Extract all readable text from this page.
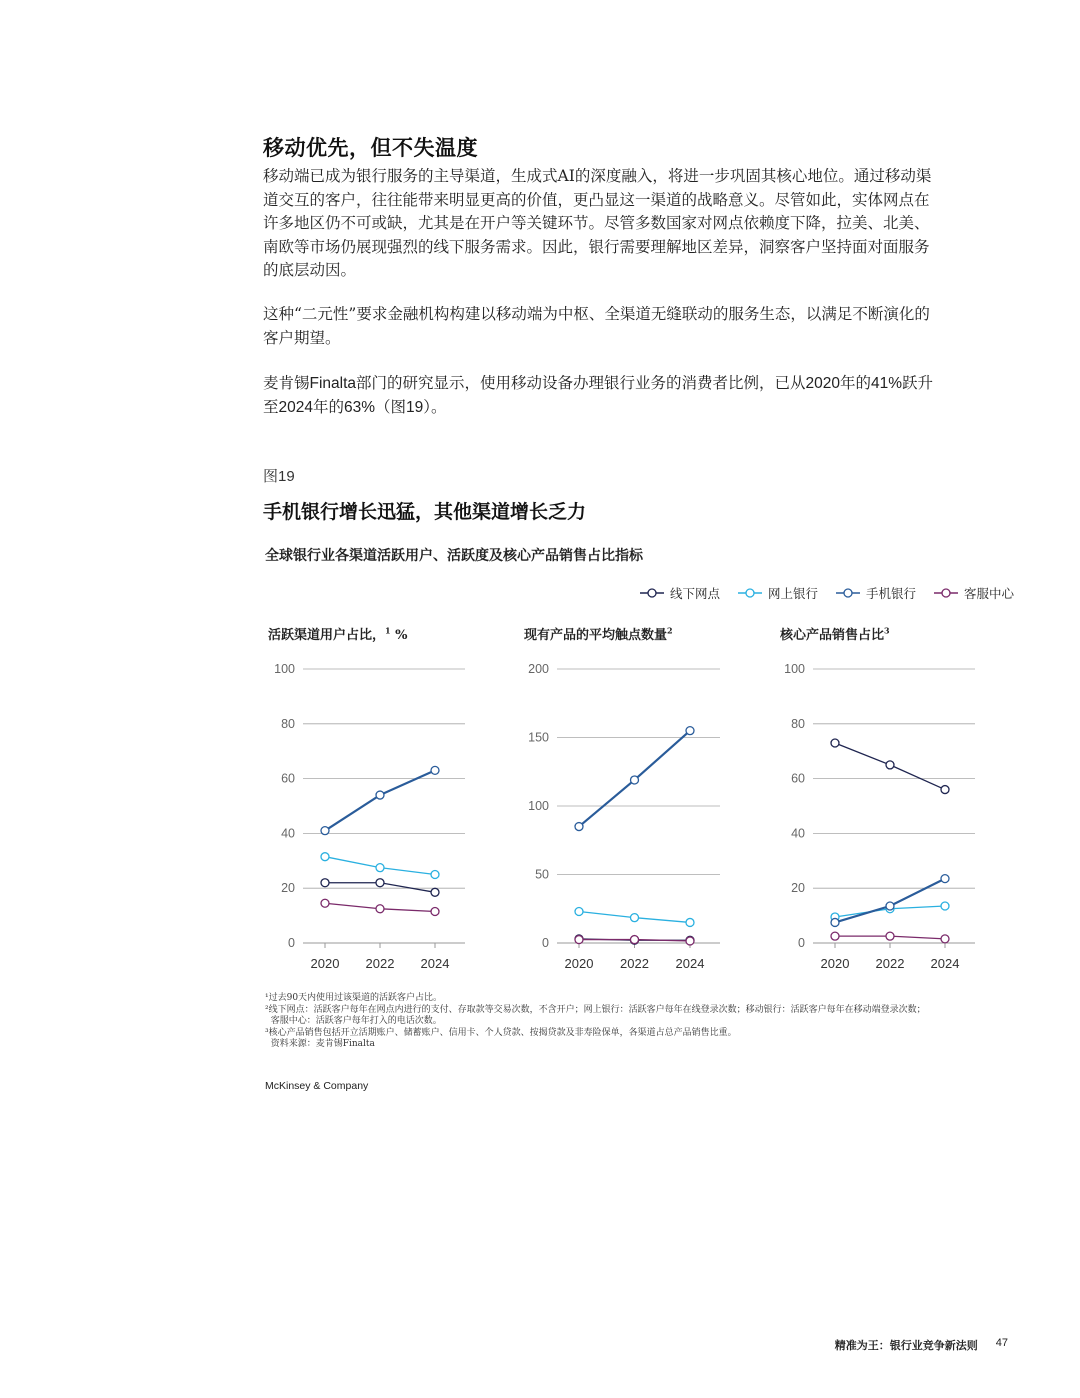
移动优先，但不失温度
移动端已成为银行服务的主导渠道，生成式AI的深度融入，将进一步巩固其核心地位。通过移动渠道交互的客户，往往能带来明显更高的价值，更凸显这一渠道的战略意义。尽管如此，实体网点在许多地区仍不可或缺，尤其是在开户等关键环节。尽管多数国家对网点依赖度下降，拉美、北美、南欧等市场仍展现强烈的线下服务需求。因此，银行需要理解地区差异，洞察客户坚持面对面服务的底层动因。
这种“二元性”要求金融机构构建以移动端为中枢、全渠道无缝联动的服务生态，以满足不断演化的客户期望。
麦肯锡Finalta部门的研究显示，使用移动设备办理银行业务的消费者比例，已从2020年的41%跃升至2024年的63%（图19）。
图19
手机银行增长迅猛，其他渠道增长乏力
全球银行业各渠道活跃用户、活跃度及核心产品销售占比指标
线下网点	网上银行	手机银行	客服中心
活跃渠道用户占比，$^1$ %	现有产品的平均触点数量$^2$	核心产品销售占比$^3$
0
20
40
60
80
100
2020 2022 2024
0
50
100
150
200
2020 2022 2024
0
20
40
60
80
100
2020 2022 2024
¹过去90天内使用过该渠道的活跃客户占比。
²线下网点：活跃客户每年在网点内进行的支付、存取款等交易次数，不含开户；网上银行：活跃客户每年在线登录次数；移动银行：活跃客户每年在移动端登录次数；
客服中心：活跃客户每年打入的电话次数。
³核心产品销售包括开立活期账户、储蓄账户、信用卡、个人贷款、按揭贷款及非寿险保单，各渠道占总产品销售比重。
资料来源：麦肯锡Finalta
McKinsey & Company
精准为王：银行业竞争新法则 47
